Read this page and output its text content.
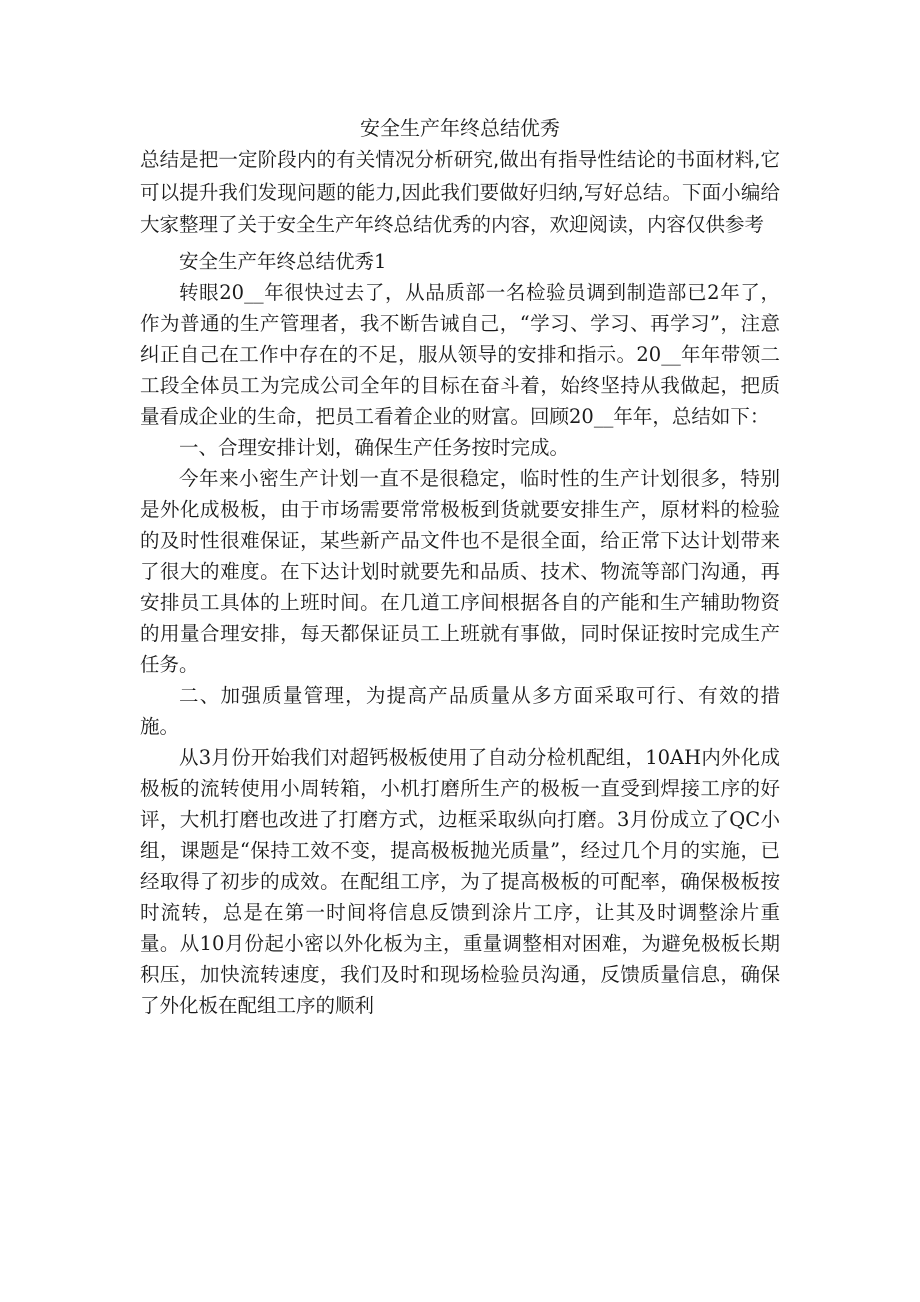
安全生产年终总结优秀

总结是把一定阶段内的有关情况分析研究,做出有指导性结论的书面材料,它可以提升我们发现问题的能力,因此我们要做好归纳,写好总结。下面小编给大家整理了关于安全生产年终总结优秀的内容，欢迎阅读，内容仅供参考

安全生产年终总结优秀1

转眼20__年很快过去了，从品质部一名检验员调到制造部已2年了，作为普通的生产管理者，我不断告诫自己，“学习、学习、再学习”，注意纠正自己在工作中存在的不足，服从领导的安排和指示。20__年年带领二工段全体员工为完成公司全年的目标在奋斗着，始终坚持从我做起，把质量看成企业的生命，把员工看着企业的财富。回顾20__年年，总结如下：

一、合理安排计划，确保生产任务按时完成。

今年来小密生产计划一直不是很稳定，临时性的生产计划很多，特别是外化成极板，由于市场需要常常极板到货就要安排生产，原材料的检验的及时性很难保证，某些新产品文件也不是很全面，给正常下达计划带来了很大的难度。在下达计划时就要先和品质、技术、物流等部门沟通，再安排员工具体的上班时间。在几道工序间根据各自的产能和生产辅助物资的用量合理安排，每天都保证员工上班就有事做，同时保证按时完成生产任务。

二、加强质量管理，为提高产品质量从多方面采取可行、有效的措施。

从3月份开始我们对超钙极板使用了自动分检机配组，10AH内外化成极板的流转使用小周转箱，小机打磨所生产的极板一直受到焊接工序的好评，大机打磨也改进了打磨方式，边框采取纵向打磨。3月份成立了QC小组，课题是“保持工效不变，提高极板抛光质量”，经过几个月的实施，已经取得了初步的成效。在配组工序，为了提高极板的可配率，确保极板按时流转，总是在第一时间将信息反馈到涂片工序，让其及时调整涂片重量。从10月份起小密以外化板为主，重量调整相对困难，为避免极板长期积压，加快流转速度，我们及时和现场检验员沟通，反馈质量信息，确保了外化板在配组工序的顺利
